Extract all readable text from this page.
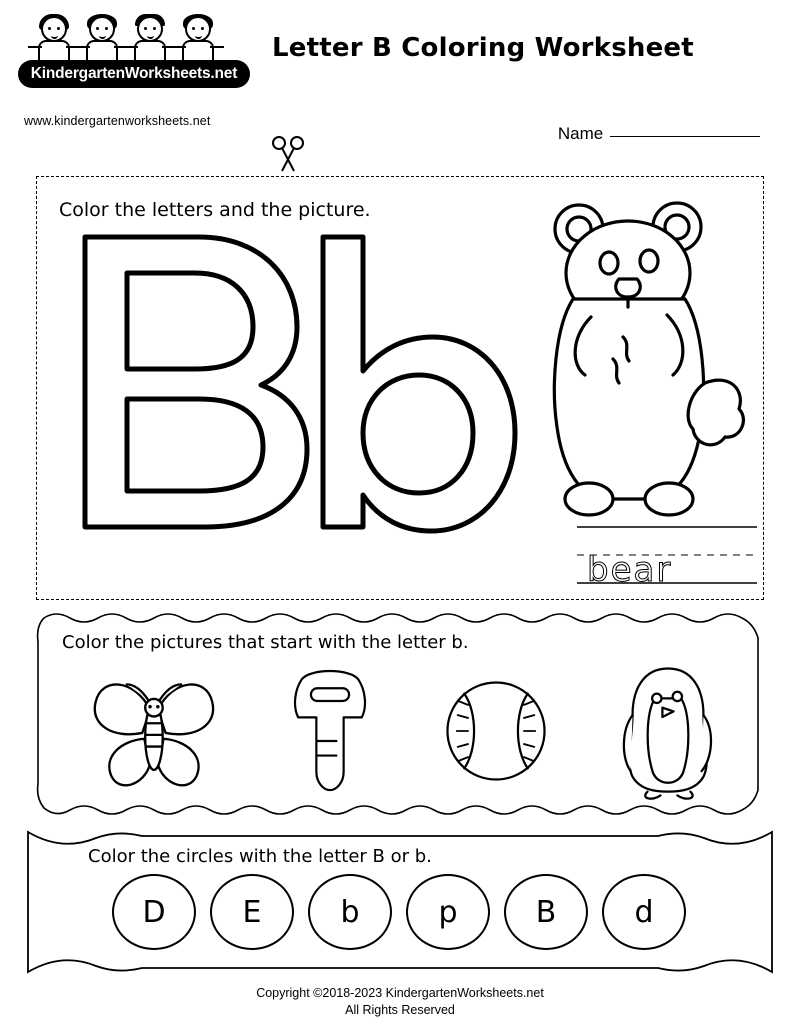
KindergartenWorksheets.net
www.kindergartenworksheets.net
Letter B Coloring Worksheet
Name
Color the letters and the picture.
bear
Color the pictures that start with the letter b.
Color the circles with the letter B or b.
D	E	b	p	B	d
Copyright ©2018-2023 KindergartenWorksheets.net
All Rights Reserved
